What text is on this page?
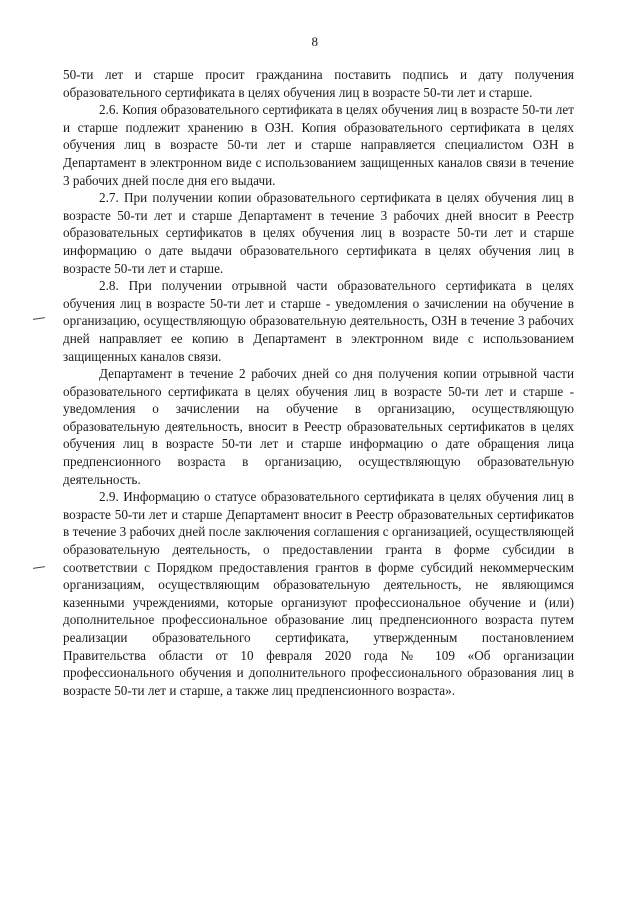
8

50-ти лет и старше просит гражданина поставить подпись и дату получения образовательного сертификата в целях обучения лиц в возрасте 50-ти лет и старше.

2.6. Копия образовательного сертификата в целях обучения лиц в возрасте 50-ти лет и старше подлежит хранению в ОЗН. Копия образовательного сертификата в целях обучения лиц в возрасте 50-ти лет и старше направляется специалистом ОЗН в Департамент в электронном виде с использованием защищенных каналов связи в течение 3 рабочих дней после дня его выдачи.

2.7. При получении копии образовательного сертификата в целях обучения лиц в возрасте 50-ти лет и старше Департамент в течение 3 рабочих дней вносит в Реестр образовательных сертификатов в целях обучения лиц в возрасте 50-ти лет и старше информацию о дате выдачи образовательного сертификата в целях обучения лиц в возрасте 50-ти лет и старше.

2.8. При получении отрывной части образовательного сертификата в целях обучения лиц в возрасте 50-ти лет и старше - уведомления о зачислении на обучение в организацию, осуществляющую образовательную деятельность, ОЗН в течение 3 рабочих дней направляет ее копию в Департамент в электронном виде с использованием защищенных каналов связи.

Департамент в течение 2 рабочих дней со дня получения копии отрывной части образовательного сертификата в целях обучения лиц в возрасте 50-ти лет и старше - уведомления о зачислении на обучение в организацию, осуществляющую образовательную деятельность, вносит в Реестр образовательных сертификатов в целях обучения лиц в возрасте 50-ти лет и старше информацию о дате обращения лица предпенсионного возраста в организацию, осуществляющую образовательную деятельность.

2.9. Информацию о статусе образовательного сертификата в целях обучения лиц в возрасте 50-ти лет и старше Департамент вносит в Реестр образовательных сертификатов в течение 3 рабочих дней после заключения соглашения с организацией, осуществляющей образовательную деятельность, о предоставлении гранта в форме субсидии в соответствии с Порядком предоставления грантов в форме субсидий некоммерческим организациям, осуществляющим образовательную деятельность, не являющимся казенными учреждениями, которые организуют профессиональное обучение и (или) дополнительное профессиональное образование лиц предпенсионного возраста путем реализации образовательного сертификата, утвержденным постановлением Правительства области от 10 февраля 2020 года № 109 «Об организации профессионального обучения и дополнительного профессионального образования лиц в возрасте 50-ти лет и старше, а также лиц предпенсионного возраста».
